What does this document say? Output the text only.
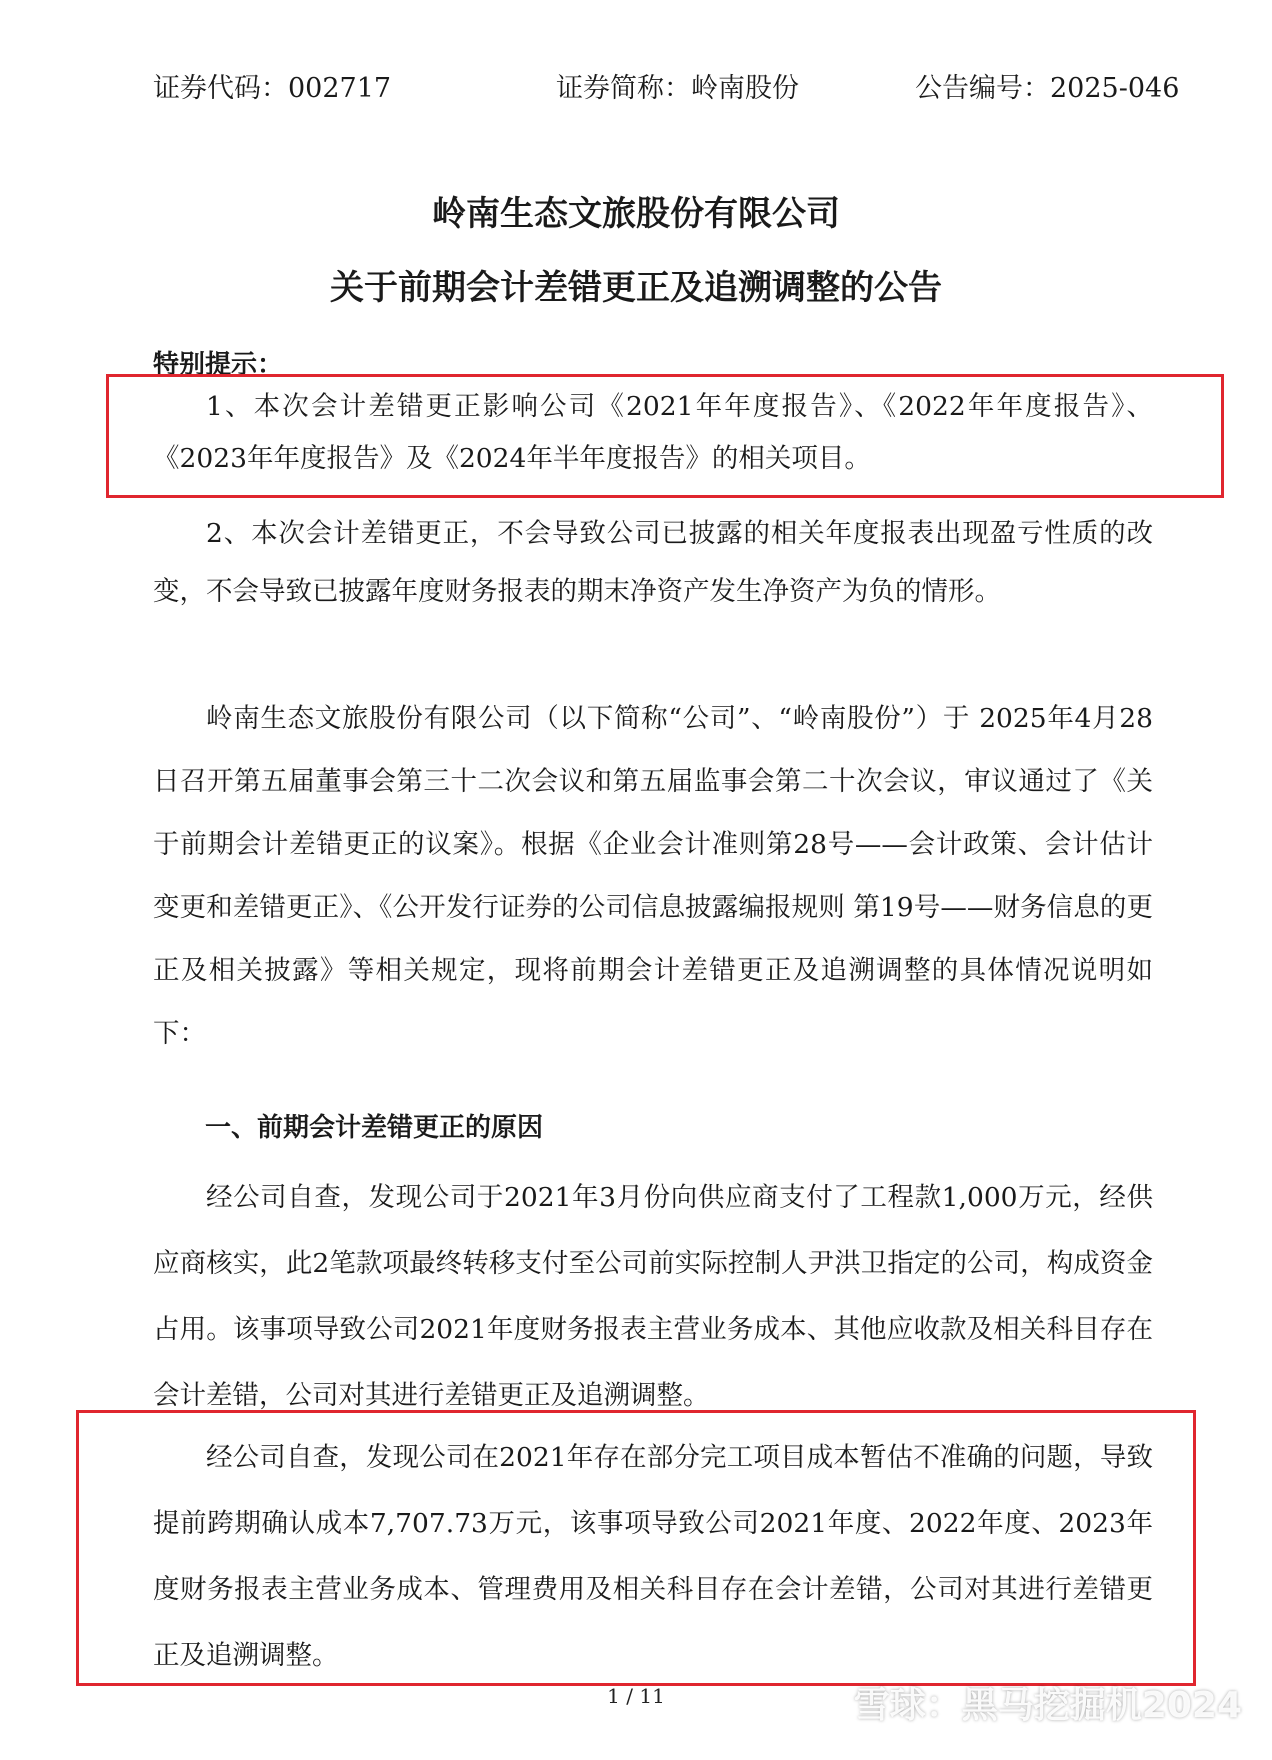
证券代码：002717	证券简称：岭南股份	公告编号：2025-046
岭南生态文旅股份有限公司
关于前期会计差错更正及追溯调整的公告
特别提示：

1、本次会计差错更正影响公司《2021年年度报告》、《2022年年度报告》、《2023年年度报告》及《2024年半年度报告》的相关项目。

2、本次会计差错更正，不会导致公司已披露的相关年度报表出现盈亏性质的改变，不会导致已披露年度财务报表的期末净资产发生净资产为负的情形。

岭南生态文旅股份有限公司（以下简称“公司”、“岭南股份”）于 2025年4月28日召开第五届董事会第三十二次会议和第五届监事会第二十次会议，审议通过了《关于前期会计差错更正的议案》。根据《企业会计准则第28号——会计政策、会计估计变更和差错更正》、《公开发行证券的公司信息披露编报规则 第19号——财务信息的更正及相关披露》等相关规定，现将前期会计差错更正及追溯调整的具体情况说明如下：

一、前期会计差错更正的原因

经公司自查，发现公司于2021年3月份向供应商支付了工程款1,000万元，经供应商核实，此2笔款项最终转移支付至公司前实际控制人尹洪卫指定的公司，构成资金占用。该事项导致公司2021年度财务报表主营业务成本、其他应收款及相关科目存在会计差错，公司对其进行差错更正及追溯调整。

经公司自查，发现公司在2021年存在部分完工项目成本暂估不准确的问题，导致提前跨期确认成本7,707.73万元，该事项导致公司2021年度、2022年度、2023年度财务报表主营业务成本、管理费用及相关科目存在会计差错，公司对其进行差错更正及追溯调整。

1 / 11	雪球：黑马挖掘机2024
